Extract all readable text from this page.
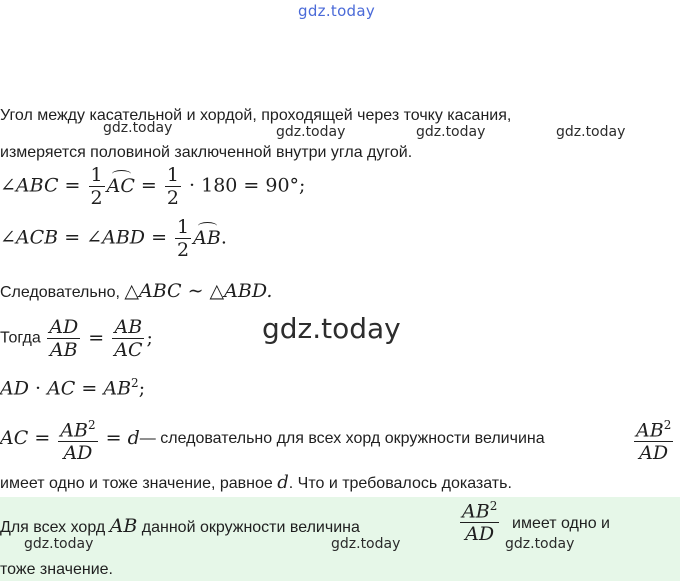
gdz.today
gdz.today	gdz.today	gdz.today	gdz.today
gdz.today
Угол между касательной и хордой, проходящей через точку касания,
измеряется половиной заключенной внутри угла дугой.
∠ABC = $\frac{1}{2}$ AC = $\frac{1}{2} \cdot 180 = 90^\circ$;
∠ACB = ∠ABD = $\frac{1}{2}$ AB.
Следовательно, △ABC ∼ △ABD.
Тогда $\frac{AD}{AB} = \frac{AB}{AC}$ ;
AD · AC = $AB^2$;
AC = $\frac{AB^2}{AD}$ = d— следовательно для всех хорд окружности величина	$\frac{AB^2}{AD}$
имеет одно и тоже значение, равное d. Что и требовалось доказать.
Для всех хорд AB данной окружности величина	$\frac{AB^2}{AD}$ имеет одно и
тоже значение.
gdz.today	gdz.today	gdz.today
